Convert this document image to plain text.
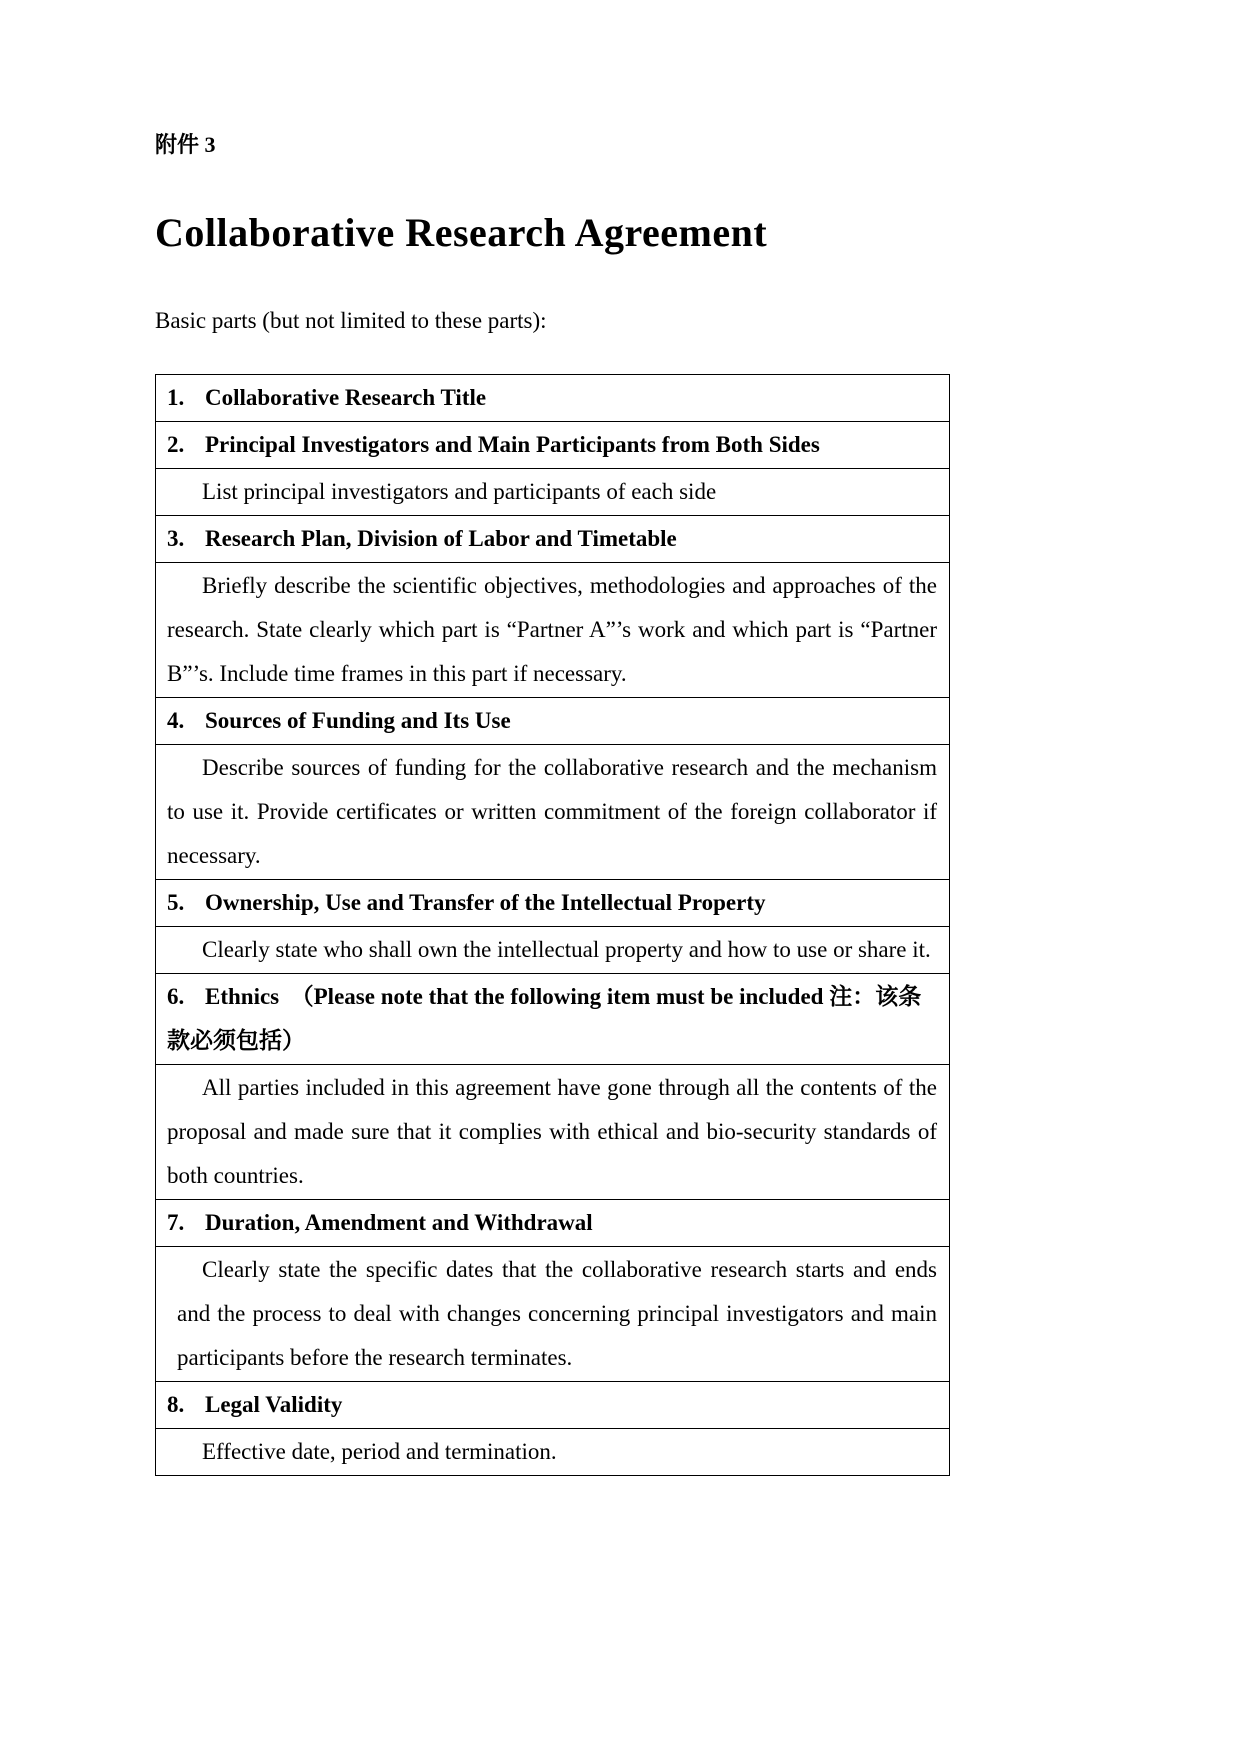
附件 3
Collaborative Research Agreement

Basic parts (but not limited to these parts):

1. Collaborative Research Title
2. Principal Investigators and Main Participants from Both Sides
List principal investigators and participants of each side
3. Research Plan, Division of Labor and Timetable
Briefly describe the scientific objectives, methodologies and approaches of the research. State clearly which part is “Partner A”’s work and which part is “Partner B”’s. Include time frames in this part if necessary.
4. Sources of Funding and Its Use
Describe sources of funding for the collaborative research and the mechanism to use it. Provide certificates or written commitment of the foreign collaborator if necessary.
5. Ownership, Use and Transfer of the Intellectual Property
Clearly state who shall own the intellectual property and how to use or share it.
6. Ethnics　（Please note that the following item must be included 注：该条款必须包括）
All parties included in this agreement have gone through all the contents of the proposal and made sure that it complies with ethical and bio-security standards of both countries.
7. Duration, Amendment and Withdrawal
Clearly state the specific dates that the collaborative research starts and ends and the process to deal with changes concerning principal investigators and main participants before the research terminates.
8. Legal Validity
Effective date, period and termination.
